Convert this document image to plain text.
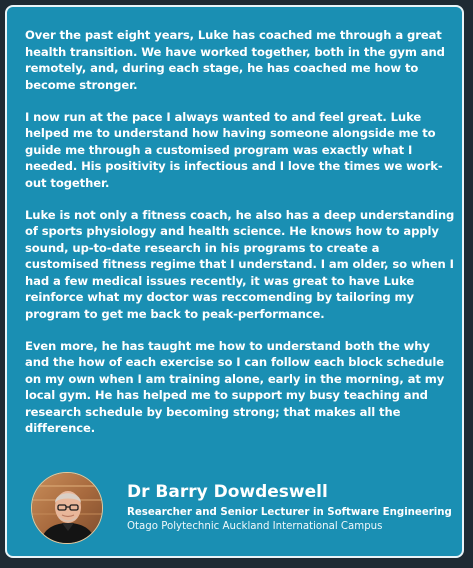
Over the past eight years, Luke has coached me through a great health transition. We have worked together, both in the gym and remotely, and, during each stage, he has coached me how to become stronger.

I now run at the pace I always wanted to and feel great. Luke helped me to understand how having someone alongside me to guide me through a customised program was exactly what I needed. His positivity is infectious and I love the times we work-out together.

Luke is not only a fitness coach, he also has a deep understanding of sports physiology and health science. He knows how to apply sound, up-to-date research in his programs to create a customised fitness regime that I understand. I am older, so when I had a few medical issues recently, it was great to have Luke reinforce what my doctor was reccomending by tailoring my program to get me back to peak-performance.

Even more, he has taught me how to understand both the why and the how of each exercise so I can follow each block schedule on my own when I am training alone, early in the morning, at my local gym. He has helped me to support my busy teaching and research schedule by becoming strong; that makes all the difference.

Dr Barry Dowdeswell
Researcher and Senior Lecturer in Software Engineering
Otago Polytechnic Auckland International Campus
